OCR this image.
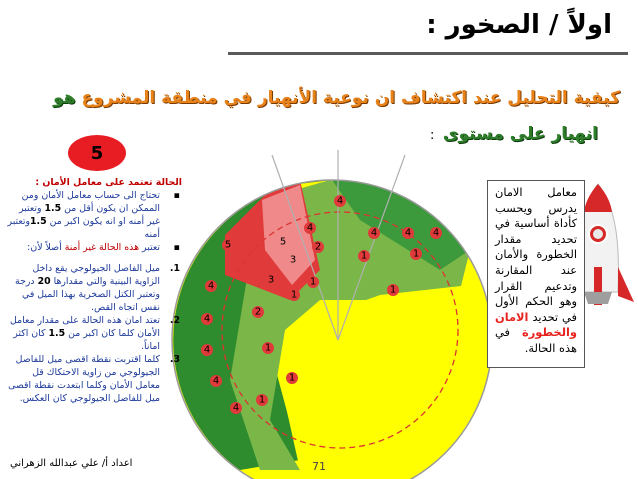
5	5
4
4
2
3
4	4 4
1	1
3	1
1
4
2
1
4
4	1
4	1
1
4
اولاً / الصخور :
كيفية التحليل عند اكتشاف ان نوعية الأنهيار في منطقة المشروع هو
انهيار على مستوى
:
5
الحالة تعتمد على معامل الأمان :
▪
تحتاج الى حساب معامل الأمان ومن الممكن ان يكون أقل من 1.5 وتعتبر غير أمنه او انه يكون اكبر من 1.5وتعتبر أمنه
▪
تعتبر هذه الحالة غير أمنة أصلاً لأن:
1.
ميل الفاصل الجيولوجي يقع داخل الزاوية البينية والتي مقدارها 20 درجة وتعتبر الكتل الصخرية بهذا الميل في نفس اتجاه القص.
2.
تعتد امان هذه الحالة على مقدار معامل الأمان كلما كان اكبر من 1.5 كان اكثر اماناً.
3.
كلما اقتربت نقطة اقصى ميل للفاصل الجيولوجي من زاوية الاحتكاك قل معامل الأمان وكلما ابتعدت نقطة اقصى ميل للفاصل الجيولوجي كان العكس.
معامل الامان يدرس ويحسب كأداة أساسية في تحديد مقدار الخطورة والأمان عند المقارنة وتدعيم القرار وهو الحكم الأول في تحديد الامان والخطورة في هذه الحالة.
اعداد أ/ علي عبدالله الزهراني	71
